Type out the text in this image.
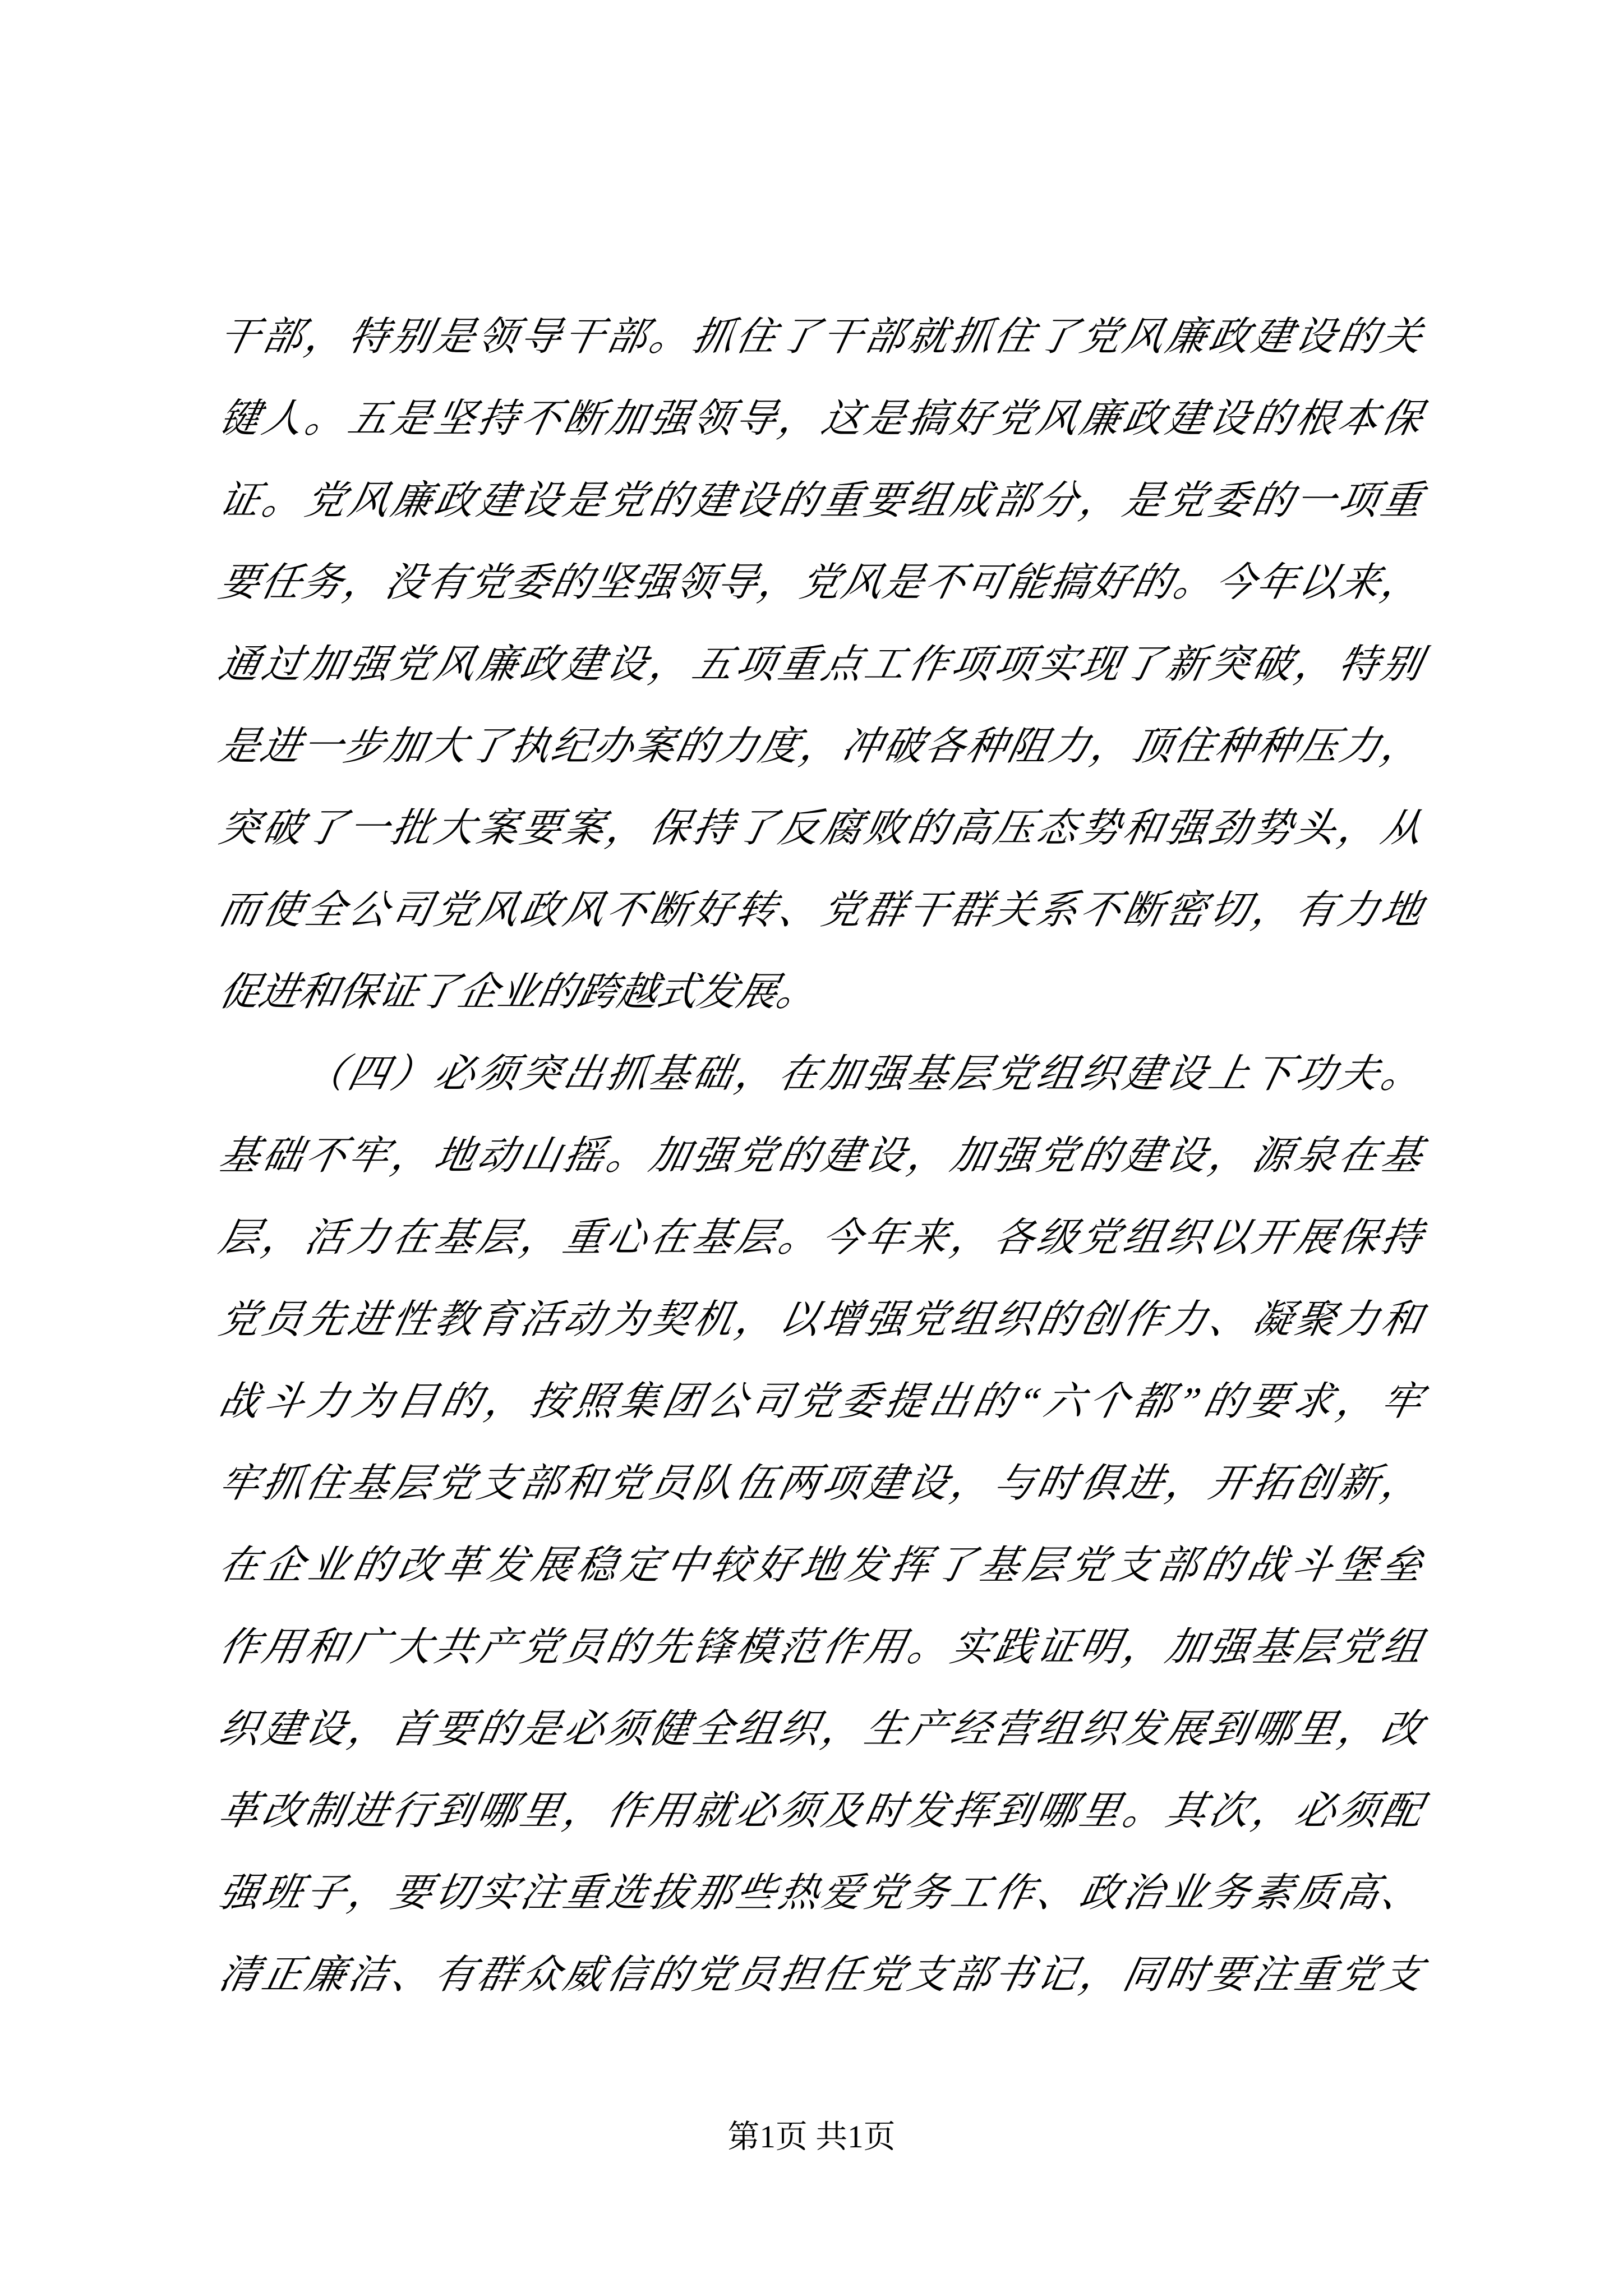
干部，特别是领导干部。抓住了干部就抓住了党风廉政建设的关
键人。五是坚持不断加强领导，这是搞好党风廉政建设的根本保
证。党风廉政建设是党的建设的重要组成部分，是党委的一项重
要任务，没有党委的坚强领导，党风是不可能搞好的。今年以来，
通过加强党风廉政建设，五项重点工作项项实现了新突破，特别
是进一步加大了执纪办案的力度，冲破各种阻力，顶住种种压力，
突破了一批大案要案，保持了反腐败的高压态势和强劲势头，从
而使全公司党风政风不断好转、党群干群关系不断密切，有力地
促进和保证了企业的跨越式发展。
（四）必须突出抓基础，在加强基层党组织建设上下功夫。
基础不牢，地动山摇。加强党的建设，加强党的建设，源泉在基
层，活力在基层，重心在基层。今年来，各级党组织以开展保持
党员先进性教育活动为契机，以增强党组织的创作力、凝聚力和
战斗力为目的，按照集团公司党委提出的“六个都”的要求，牢
牢抓住基层党支部和党员队伍两项建设，与时俱进，开拓创新，
在企业的改革发展稳定中较好地发挥了基层党支部的战斗堡垒
作用和广大共产党员的先锋模范作用。实践证明，加强基层党组
织建设，首要的是必须健全组织，生产经营组织发展到哪里，改
革改制进行到哪里，作用就必须及时发挥到哪里。其次，必须配
强班子，要切实注重选拔那些热爱党务工作、政治业务素质高、
清正廉洁、有群众威信的党员担任党支部书记，同时要注重党支
第1页 共1页
